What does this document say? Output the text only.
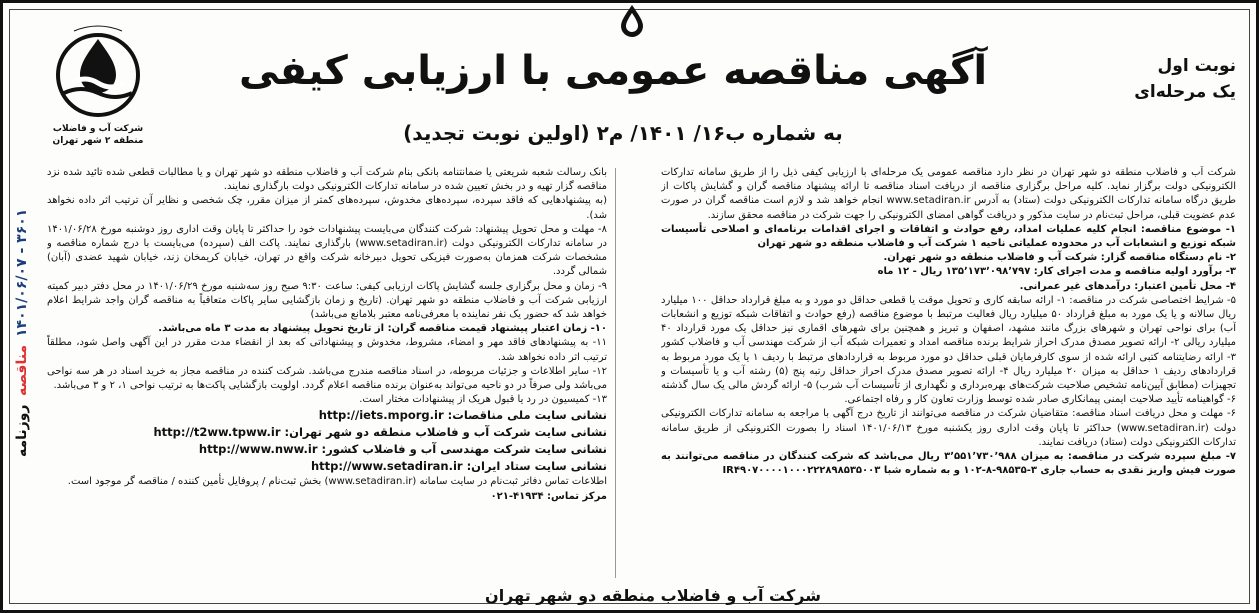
روزنامه
مناقصه
۱۴۰۱/۰۶/۰۷ - ۳۶۰۱
شرکت آب و فاضلاب
منطقه ۲ شهر تهران
آگهی مناقصه عمومی با ارزیابی کیفی
به شماره ب۱۶/ ۱۴۰۱/ م۲ (اولین نوبت تجدید)
نوبت اول
یک مرحله‌ای

شرکت آب و فاضلاب منطقه دو شهر تهران در نظر دارد مناقصه عمومی یک مرحله‌ای با ارزیابی کیفی ذیل را از طریق سامانه تدارکات الکترونیکی دولت برگزار نماید. کلیه مراحل برگزاری مناقصه از دریافت اسناد مناقصه تا ارائه پیشنهاد مناقصه گران و گشایش پاکات از طریق درگاه سامانه تدارکات الکترونیکی دولت (ستاد) به آدرس www.setadiran.ir انجام خواهد شد و لازم است مناقصه گران در صورت عدم عضویت قبلی، مراحل ثبت‌نام در سایت مذکور و دریافت گواهی امضای الکترونیکی را جهت شرکت در مناقصه محقق سازند.

۱- موضوع مناقصه: انجام کلیه عملیات امداد، رفع حوادث و اتفاقات و اجرای اقدامات برنامه‌ای و اصلاحی تأسیسات شبکه توزیع و انشعابات آب در محدوده عملیاتی ناحیه ۱ شرکت آب و فاضلاب منطقه دو شهر تهران

۲- نام دستگاه مناقصه گزار: شرکت آب و فاضلاب منطقه دو شهر تهران.

۳- برآورد اولیه مناقصه و مدت اجرای کار: ۱۳۵٬۱۷۳٬۰۹۸٬۷۹۷ ریال - ۱۲ ماه

۴- محل تأمین اعتبار: درآمدهای غیر عمرانی.

۵- شرایط اختصاصی شرکت در مناقصه: ۱- ارائه سابقه کاری و تحویل موقت یا قطعی حداقل دو مورد و به مبلغ قرارداد حداقل ۱۰۰ میلیارد ریال سالانه و یا یک مورد به مبلغ قرارداد ۵۰ میلیارد ریال فعالیت مرتبط با موضوع مناقصه (رفع حوادث و اتفاقات شبکه توزیع و انشعابات آب) برای نواحی تهران و شهرهای بزرگ مانند مشهد، اصفهان و تبریز و همچنین برای شهرهای اقماری نیز حداقل یک مورد قرارداد ۴۰ میلیارد ریالی ۲- ارائه تصویر مصدق مدرک احراز شرایط برنده مناقصه امداد و تعمیرات شبکه آب از شرکت مهندسی آب و فاضلاب کشور ۳- ارائه رضایتنامه کتبی ارائه شده از سوی کارفرمایان قبلی حداقل دو مورد مربوط به قراردادهای مرتبط با ردیف ۱ یا یک مورد مربوط به قراردادهای ردیف ۱ حداقل به میزان ۲۰ میلیارد ریال ۴- ارائه تصویر مصدق مدرک احراز حداقل رتبه پنج (۵) رشته آب و یا تأسیسات و تجهیزات (مطابق آیین‌نامه تشخیص صلاحیت شرکت‌های بهره‌برداری و نگهداری از تأسیسات آب شرب) ۵- ارائه گردش مالی یک سال گذشته ۶- گواهینامه تأیید صلاحیت ایمنی پیمانکاری صادر شده توسط وزارت تعاون کار و رفاه اجتماعی.

۶- مهلت و محل دریافت اسناد مناقصه: متقاضیان شرکت در مناقصه می‌توانند از تاریخ درج آگهی با مراجعه به سامانه تدارکات الکترونیکی دولت (www.setadiran.ir) حداکثر تا پایان وقت اداری روز یکشنبه مورخ ۱۴۰۱/۰۶/۱۳ اسناد را بصورت الکترونیکی از طریق سامانه تدارکات الکترونیکی دولت (ستاد) دریافت نمایند.

۷- مبلغ سپرده شرکت در مناقصه: به میزان ۳٬۵۵۱٬۷۳۰٬۹۸۸ ریال می‌باشد که شرکت کنندگان در مناقصه می‌توانند به صورت فیش واریز نقدی به حساب جاری ۳-۹۸۵۳۵-۸-۱۰۲ و به شماره شبا IR۴۹۰۷۰۰۰۰۱۰۰۰۲۲۲۸۹۸۵۳۵۰۰۳

بانک رسالت شعبه شریعتی یا ضمانتنامه بانکی بنام شرکت آب و فاضلاب منطقه دو شهر تهران و یا مطالبات قطعی شده تائید شده نزد مناقصه گزار تهیه و در بخش تعیین شده در سامانه تدارکات الکترونیکی دولت بارگذاری نمایند.

(به پیشنهادهایی که فاقد سپرده، سپرده‌های مخدوش، سپرده‌های کمتر از میزان مقرر، چک شخصی و نظایر آن ترتیب اثر داده نخواهد شد).

۸- مهلت و محل تحویل پیشنهاد: شرکت کنندگان می‌بایست پیشنهادات خود را حداکثر تا پایان وقت اداری روز دوشنبه مورخ ۱۴۰۱/۰۶/۲۸ در سامانه تدارکات الکترونیکی دولت (www.setadiran.ir) بارگذاری نمایند. پاکت الف (سپرده) می‌بایست با درج شماره مناقصه و مشخصات شرکت همزمان به‌صورت فیزیکی تحویل دبیرخانه شرکت واقع در تهران، خیابان کریمخان زند، خیابان شهید عضدی (آبان) شمالی گردد.

۹- زمان و محل برگزاری جلسه گشایش پاکات ارزیابی کیفی: ساعت ۹:۳۰ صبح روز سه‌شنبه مورخ ۱۴۰۱/۰۶/۲۹ در محل دفتر دبیر کمیته ارزیابی شرکت آب و فاضلاب منطقه دو شهر تهران. (تاریخ و زمان بازگشایی سایر پاکات متعاقباً به مناقصه گران واجد شرایط اعلام خواهد شد که حضور یک نفر نماینده با معرفی‌نامه معتبر بلامانع می‌باشد)

۱۰- زمان اعتبار پیشنهاد قیمت مناقصه گران: از تاریخ تحویل پیشنهاد به مدت ۳ ماه می‌باشد.

۱۱- به پیشنهادهای فاقد مهر و امضاء، مشروط، مخدوش و پیشنهاداتی که بعد از انقضاء مدت مقرر در این آگهی واصل شود، مطلقاً ترتیب اثر داده نخواهد شد.

۱۲- سایر اطلاعات و جزئیات مربوطه، در اسناد مناقصه مندرج می‌باشد. شرکت کننده در مناقصه مجاز به خرید اسناد در هر سه نواحی می‌باشد ولی صرفاً در دو ناحیه می‌تواند به‌عنوان برنده مناقصه اعلام گردد. اولویت بازگشایی پاکت‌ها به ترتیب نواحی ۱، ۲ و ۳ می‌باشد.

۱۳- کمیسیون در رد یا قبول هریک از پیشنهادات مختار است.

نشانی سایت ملی مناقصات: http://iets.mporg.ir
نشانی سایت شرکت آب و فاضلاب منطقه دو شهر تهران: http://t2ww.tpww.ir
نشانی سایت شرکت مهندسی آب و فاضلاب کشور: http://www.nww.ir
نشانی سایت ستاد ایران: http://www.setadiran.ir

اطلاعات تماس دفاتر ثبت‌نام در سایت سامانه (www.setadiran.ir) بخش ثبت‌نام / پروفایل تأمین کننده / مناقصه گر موجود است.

مرکز تماس: ۴۱۹۳۴-۰۲۱

شرکت آب و فاضلاب منطقه دو شهر تهران
